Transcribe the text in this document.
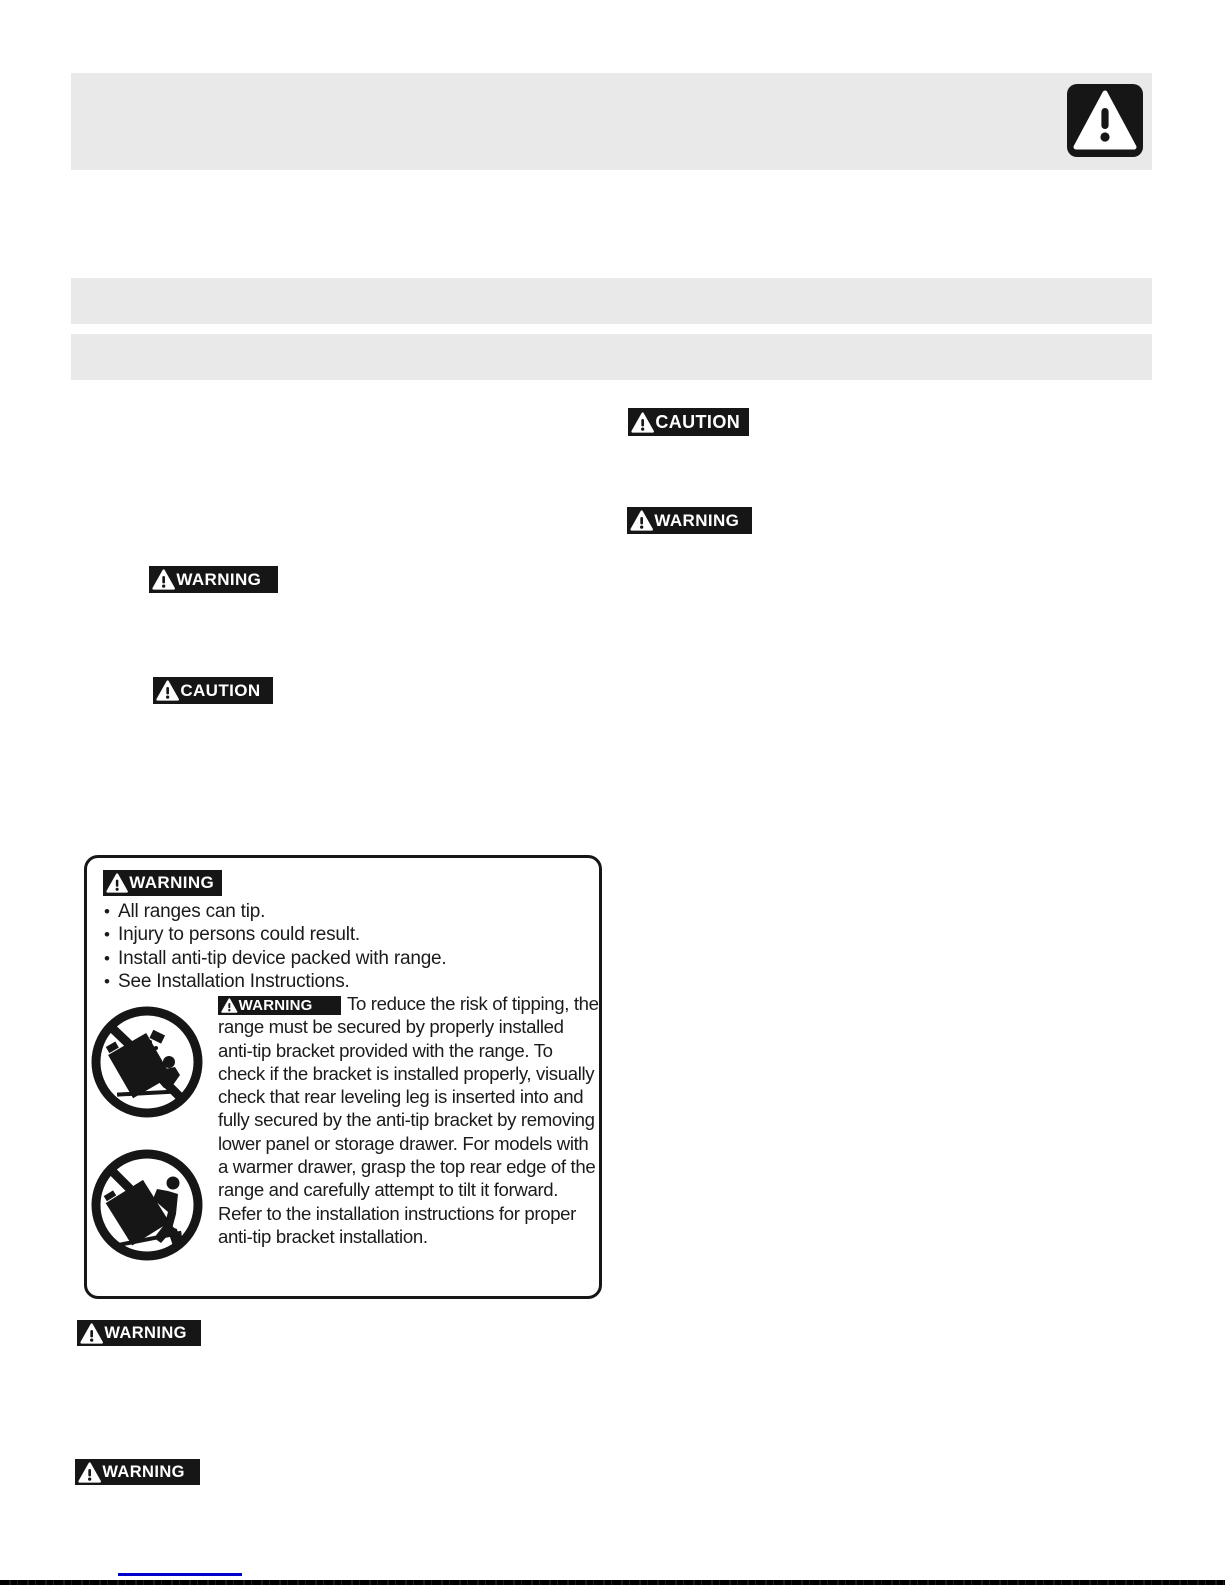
WARNING
CAUTION
CAUTION
WARNING
WARNING
• All ranges can tip.
• Injury to persons could result.
• Install anti-tip device packed with range.
• See Installation Instructions.

WARNING To reduce the risk of tipping, the range must be secured by properly installed anti-tip bracket provided with the range. To check if the bracket is installed properly, visually check that rear leveling leg is inserted into and fully secured by the anti-tip bracket by removing lower panel or storage drawer. For models with a warmer drawer, grasp the top rear edge of the range and carefully attempt to tilt it forward. Refer to the installation instructions for proper anti-tip bracket installation.

WARNING
WARNING
